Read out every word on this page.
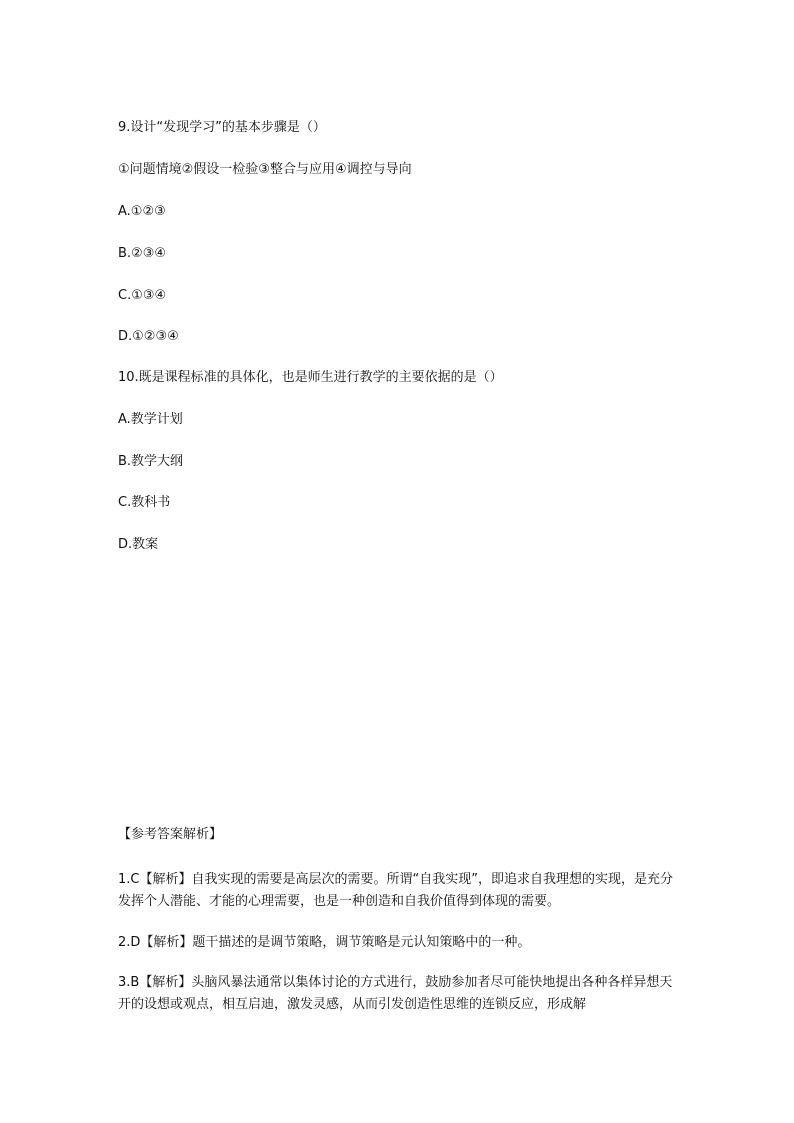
9.设计“发现学习”的基本步骤是（）
①问题情境②假设一检验③整合与应用④调控与导向
A.①②③
B.②③④
C.①③④
D.①②③④
10.既是课程标准的具体化，也是师生进行教学的主要依据的是（）
A.教学计划
B.教学大纲
C.教科书
D.教案
【参考答案解析】
1.C【解析】自我实现的需要是高层次的需要。所谓“自我实现”，即追求自我理想的实现，是充分发挥个人潜能、才能的心理需要，也是一种创造和自我价值得到体现的需要。
2.D【解析】题干描述的是调节策略，调节策略是元认知策略中的一种。
3.B【解析】头脑风暴法通常以集体讨论的方式进行，鼓励参加者尽可能快地提出各种各样异想天开的设想或观点，相互启迪，激发灵感，从而引发创造性思维的连锁反应，形成解
